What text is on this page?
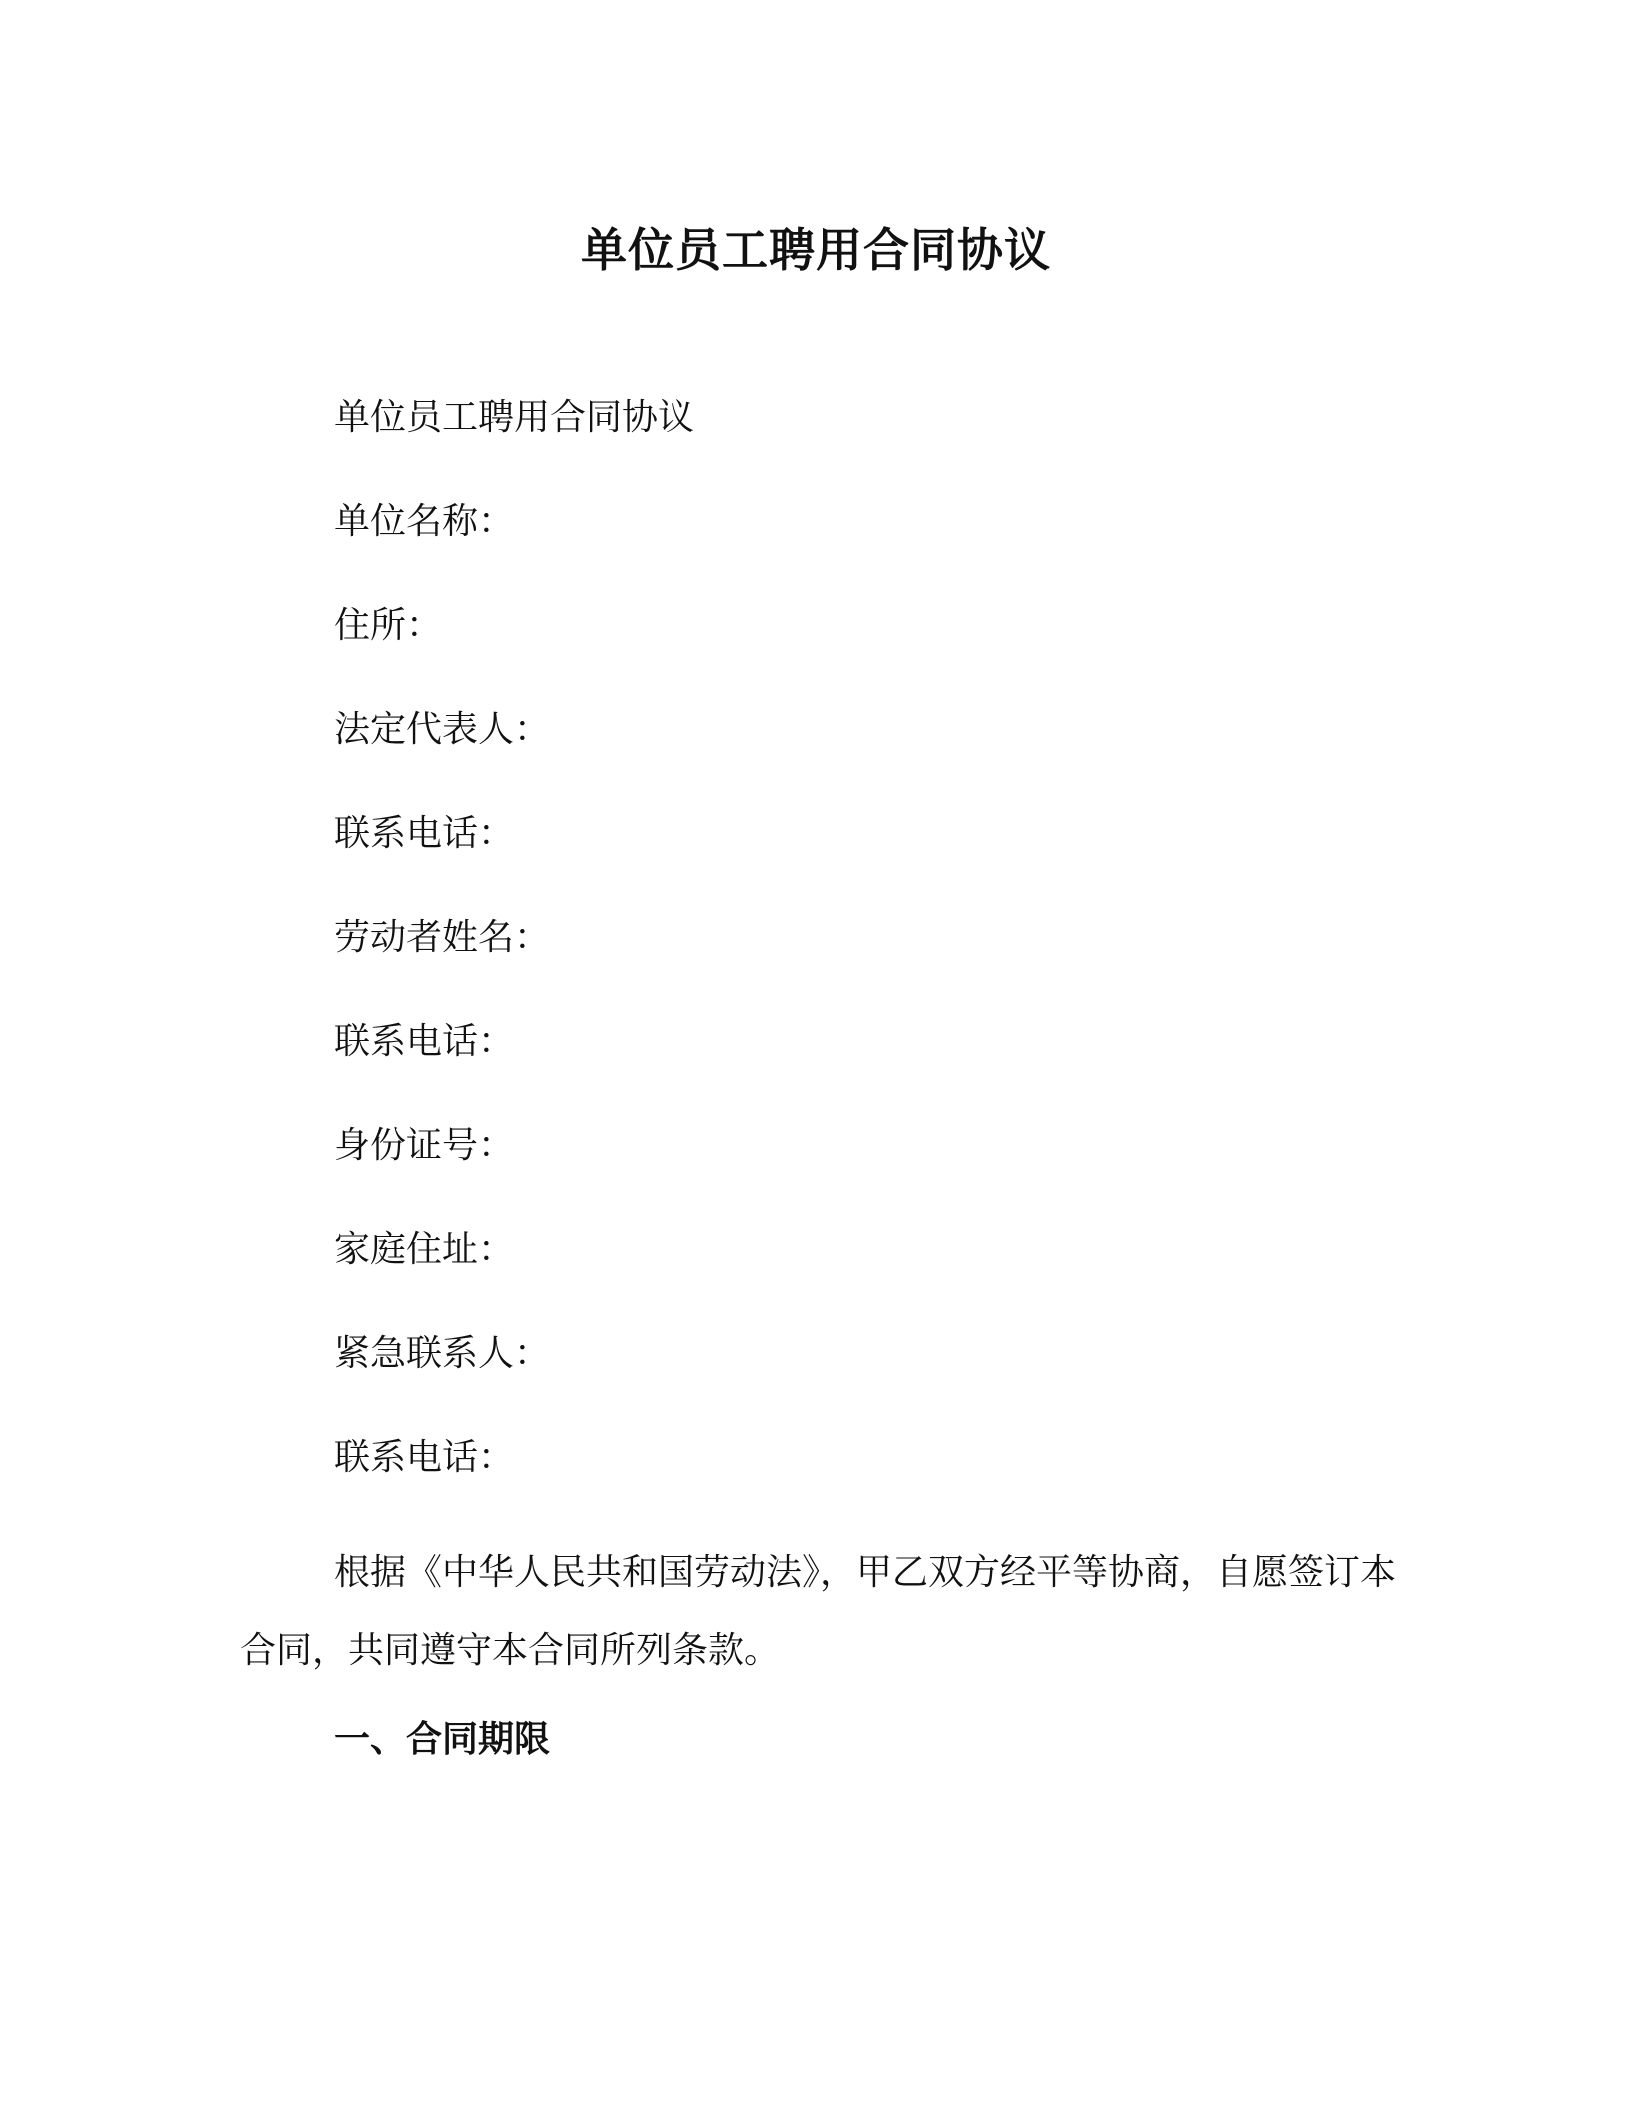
单位员工聘用合同协议
单位员工聘用合同协议
单位名称：
住所：
法定代表人：
联系电话：
劳动者姓名：
联系电话：
身份证号：
家庭住址：
紧急联系人：
联系电话：

根据《中华人民共和国劳动法》，甲乙双方经平等协商，自愿签订本合同，共同遵守本合同所列条款。

一、合同期限
